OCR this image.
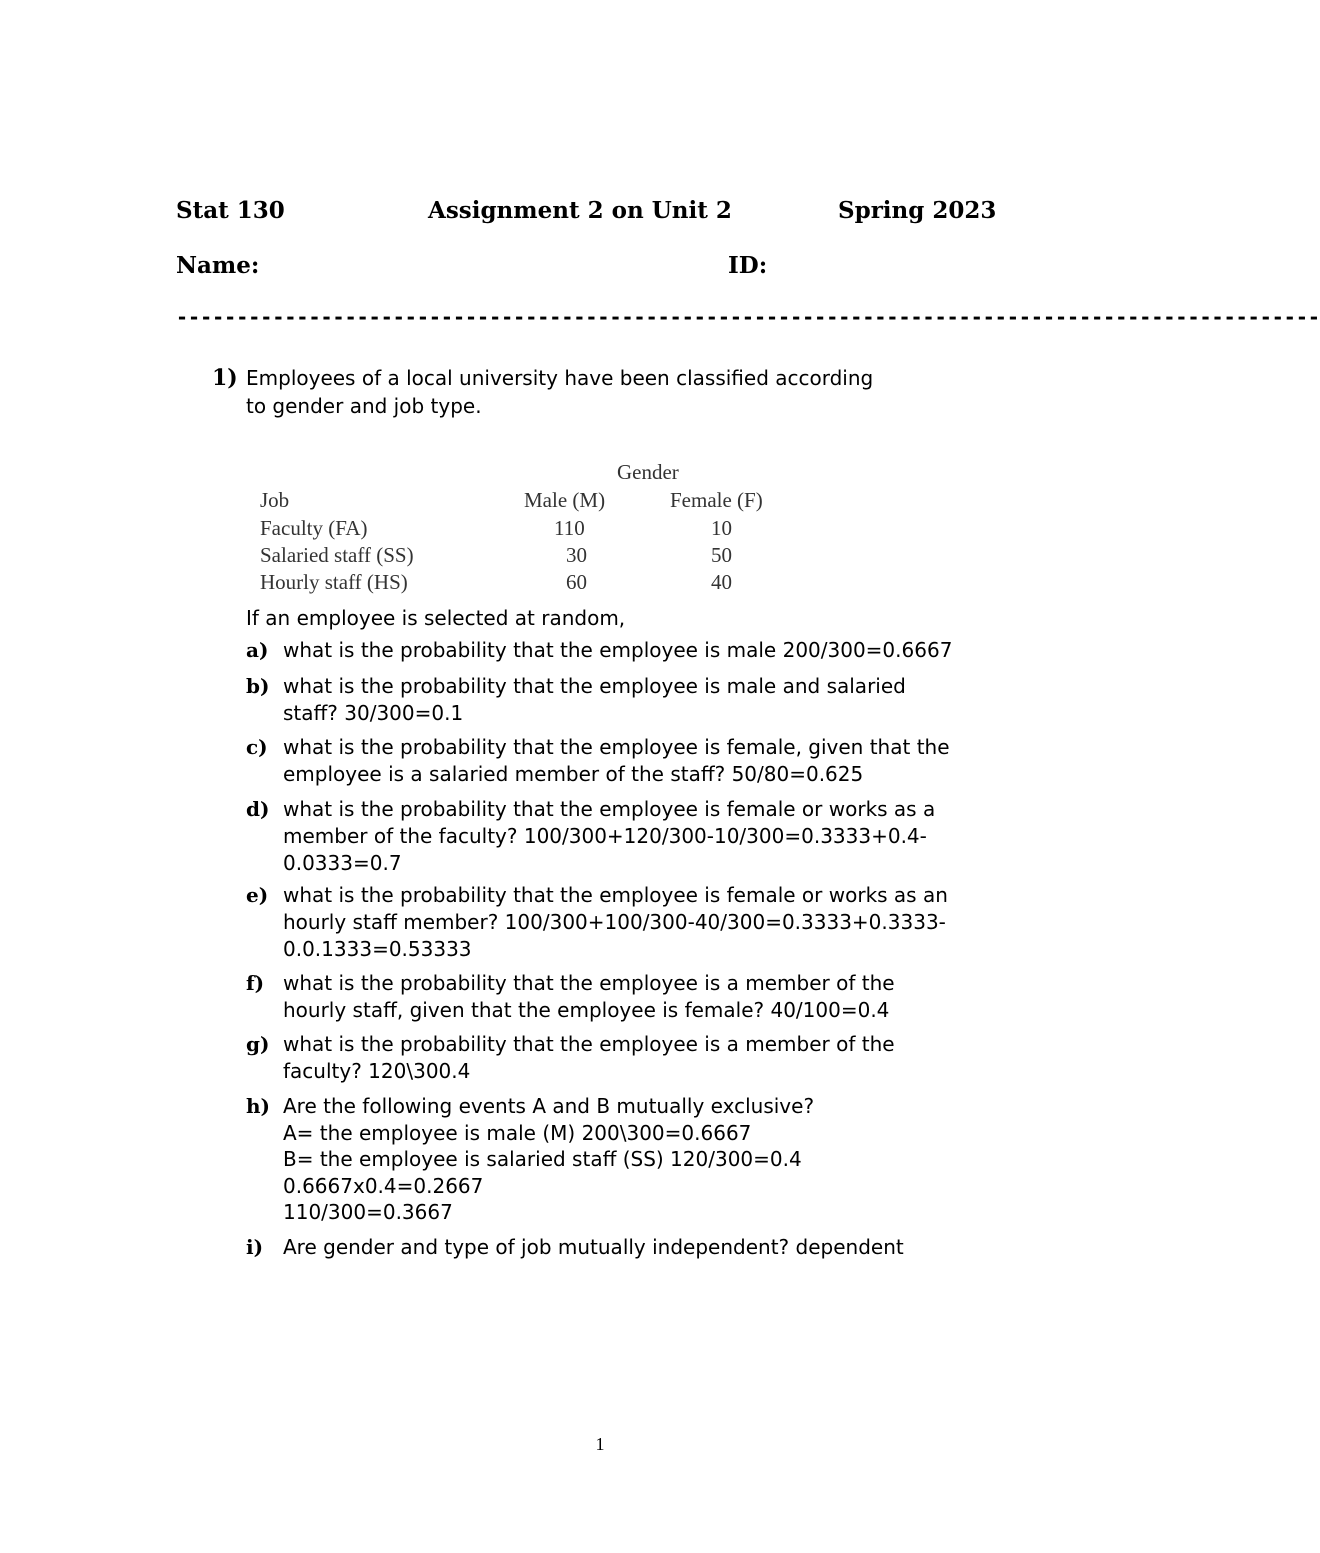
Stat 130	Assignment 2 on Unit 2	Spring 2023
Name:	ID:
-----------------------------------------------------------------------------------------------
1) Employees of a local university have been classified according
to gender and job type.
Gender
Job	Male (M)	Female (F)
Faculty (FA)	110	10
Salaried staff (SS)	30	50
Hourly staff (HS)	60	40
If an employee is selected at random,
a) what is the probability that the employee is male 200/300=0.6667
b) what is the probability that the employee is male and salaried
staff? 30/300=0.1
c) what is the probability that the employee is female, given that the
employee is a salaried member of the staff? 50/80=0.625
d) what is the probability that the employee is female or works as a
member of the faculty? 100/300+120/300-10/300=0.3333+0.4-
0.0333=0.7
e) what is the probability that the employee is female or works as an
hourly staff member? 100/300+100/300-40/300=0.3333+0.3333-
0.0.1333=0.53333
f) what is the probability that the employee is a member of the
hourly staff, given that the employee is female? 40/100=0.4
g) what is the probability that the employee is a member of the
faculty? 120\300.4
h) Are the following events A and B mutually exclusive?
A= the employee is male (M) 200\300=0.6667
B= the employee is salaried staff (SS) 120/300=0.4
0.6667x0.4=0.2667
110/300=0.3667
i) Are gender and type of job mutually independent? dependent
1
